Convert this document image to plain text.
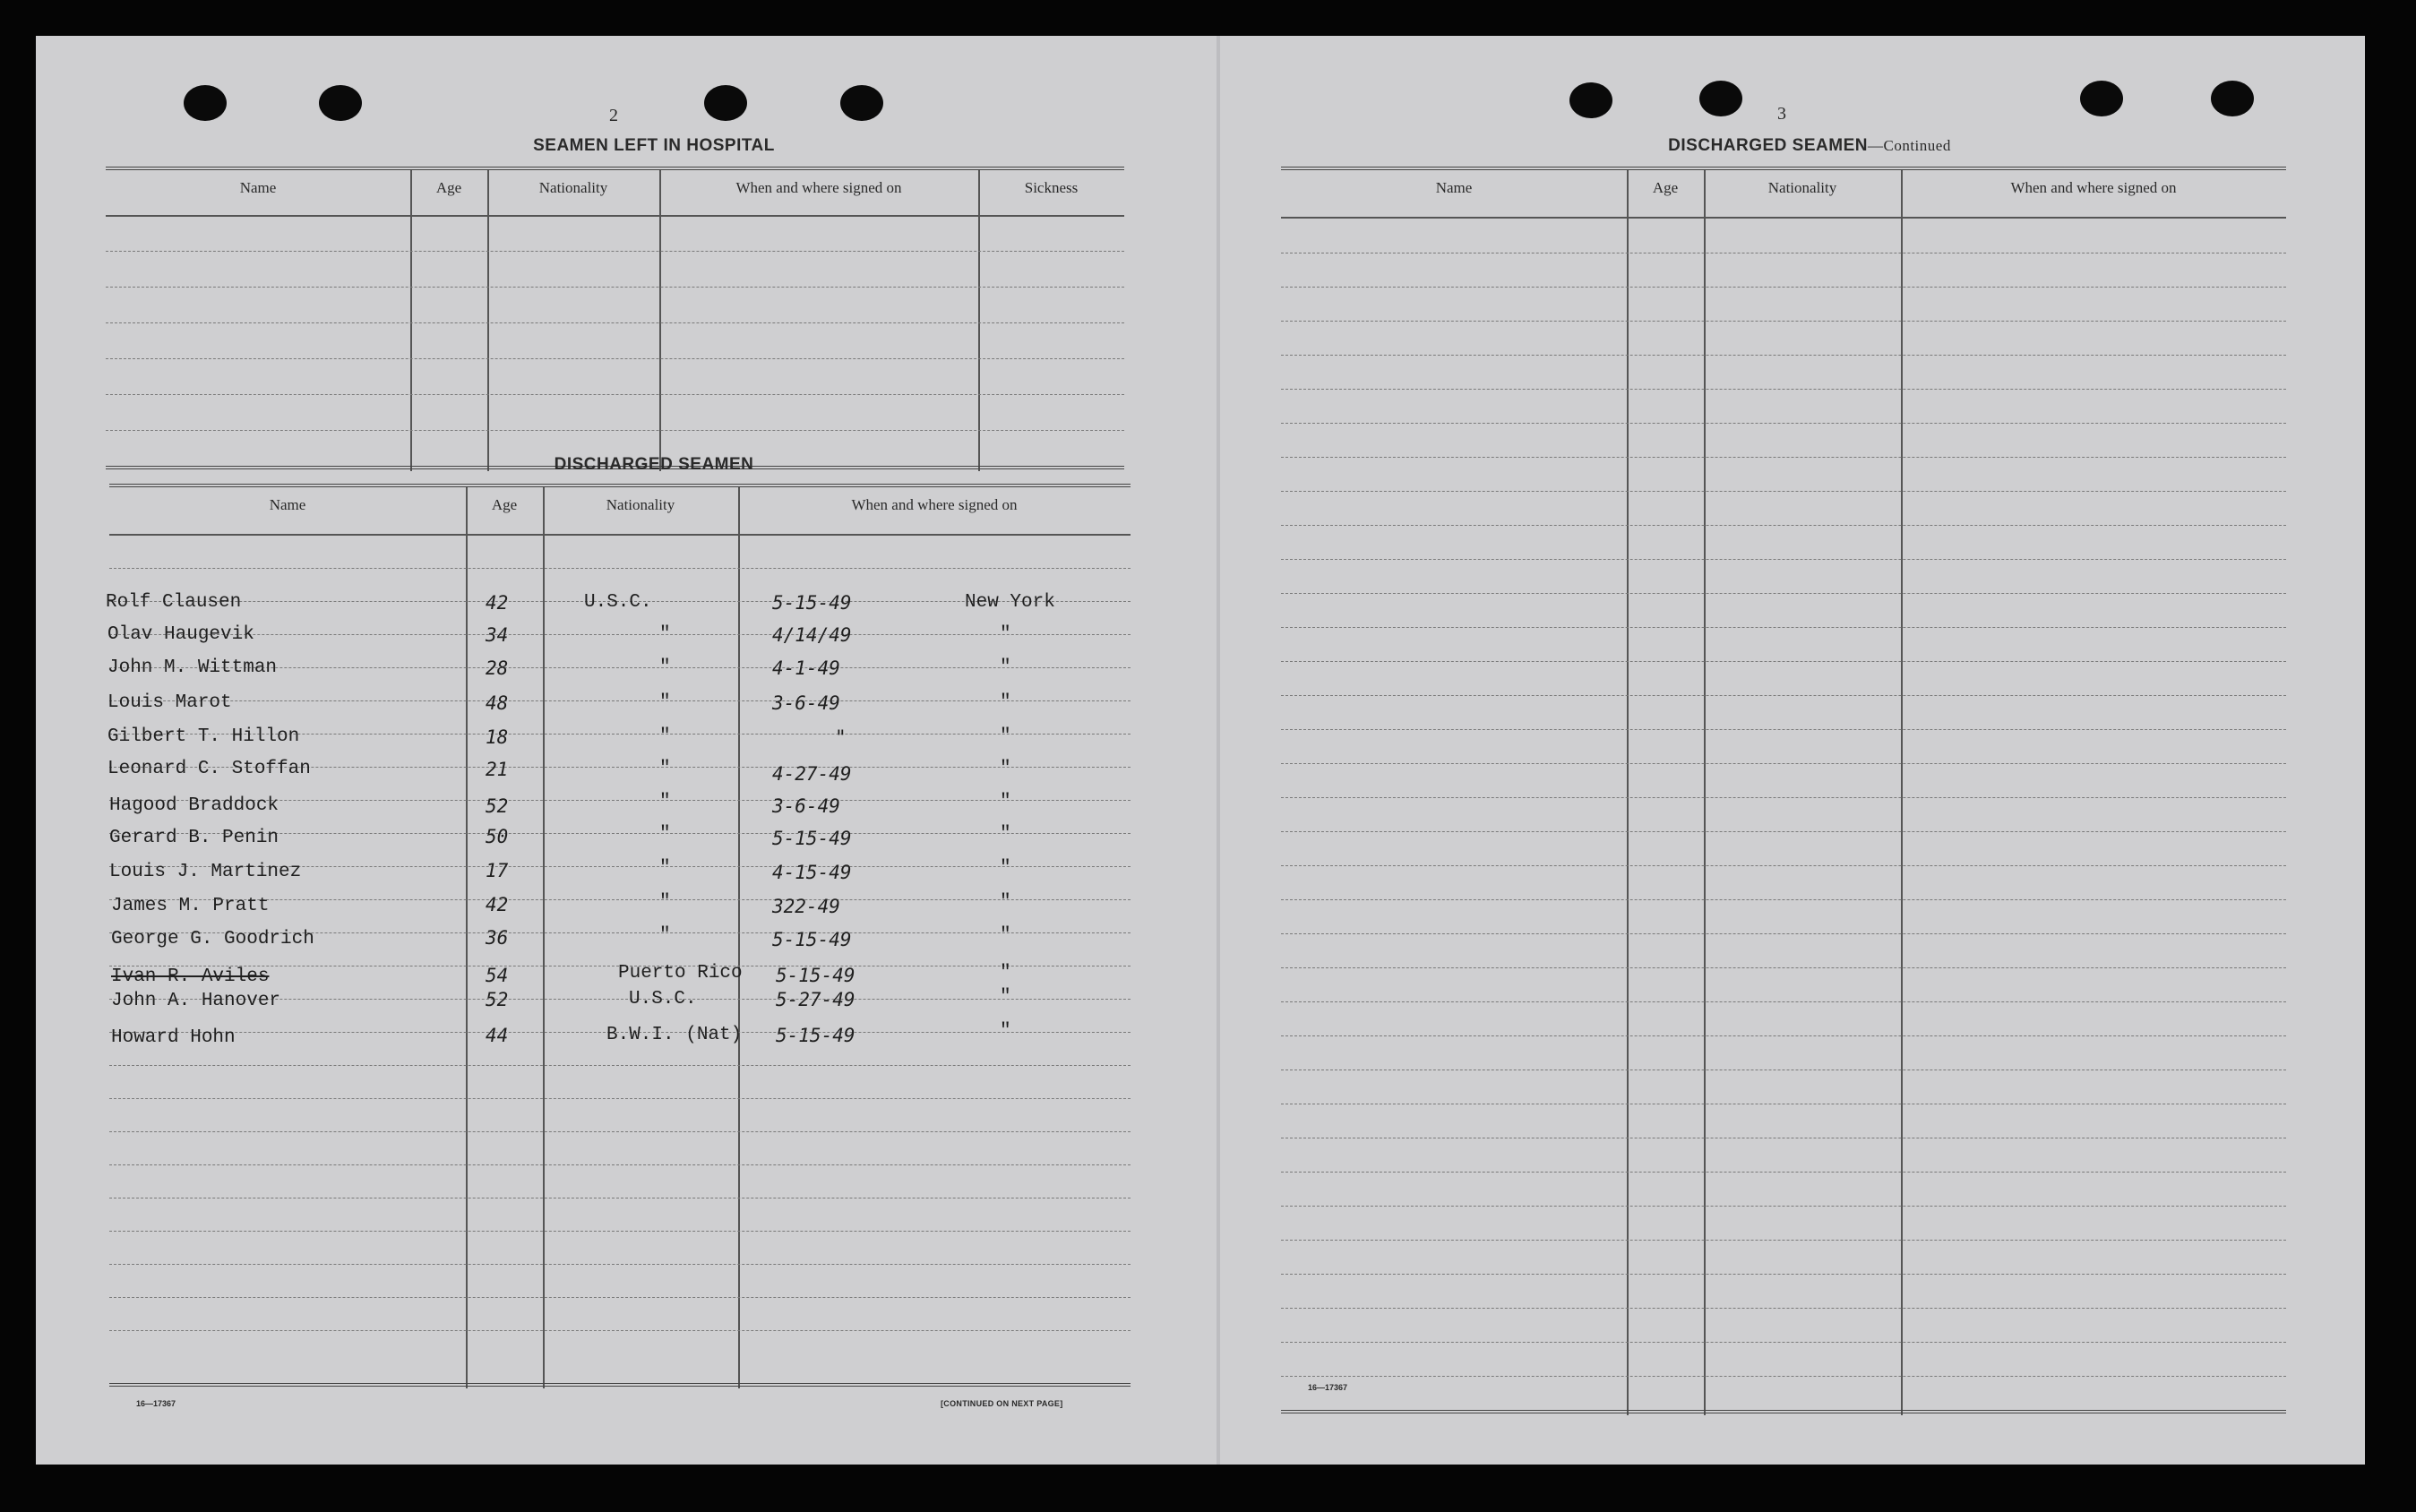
2
SEAMEN LEFT IN HOSPITAL
Name	Age	Nationality	When and where signed on	Sickness
DISCHARGED SEAMEN
Name	Age	Nationality	When and where signed on
Rolf Clausen	42	U.S.C.	5-15-49	New York
Olav Haugevik	34	"	4/14/49	"
John M. Wittman	28	"	4-1-49	"
Louis Marot	48	"	3-6-49	"
Gilbert T. Hillon	18	"	"	"
Leonard C. Stoffan	21	"	4-27-49	"
Hagood Braddock	52	"	3-6-49	"
Gerard B. Penin	50	"	5-15-49	"
Louis J. Martinez	17	"	4-15-49	"
James M. Pratt	42	"	322-49	"
George G. Goodrich	36	"	5-15-49	"
Ivan R. Aviles	54	Puerto Rico 5-15-49	"
John A. Hanover	52	U.S.C.	5-27-49	"
Howard Hohn	44	B.W.I. (Nat) 5-15-49	"
16—17367	[CONTINUED ON NEXT PAGE]
3
DISCHARGED SEAMEN—Continued
Name	Age	Nationality	When and where signed on
16—17367
